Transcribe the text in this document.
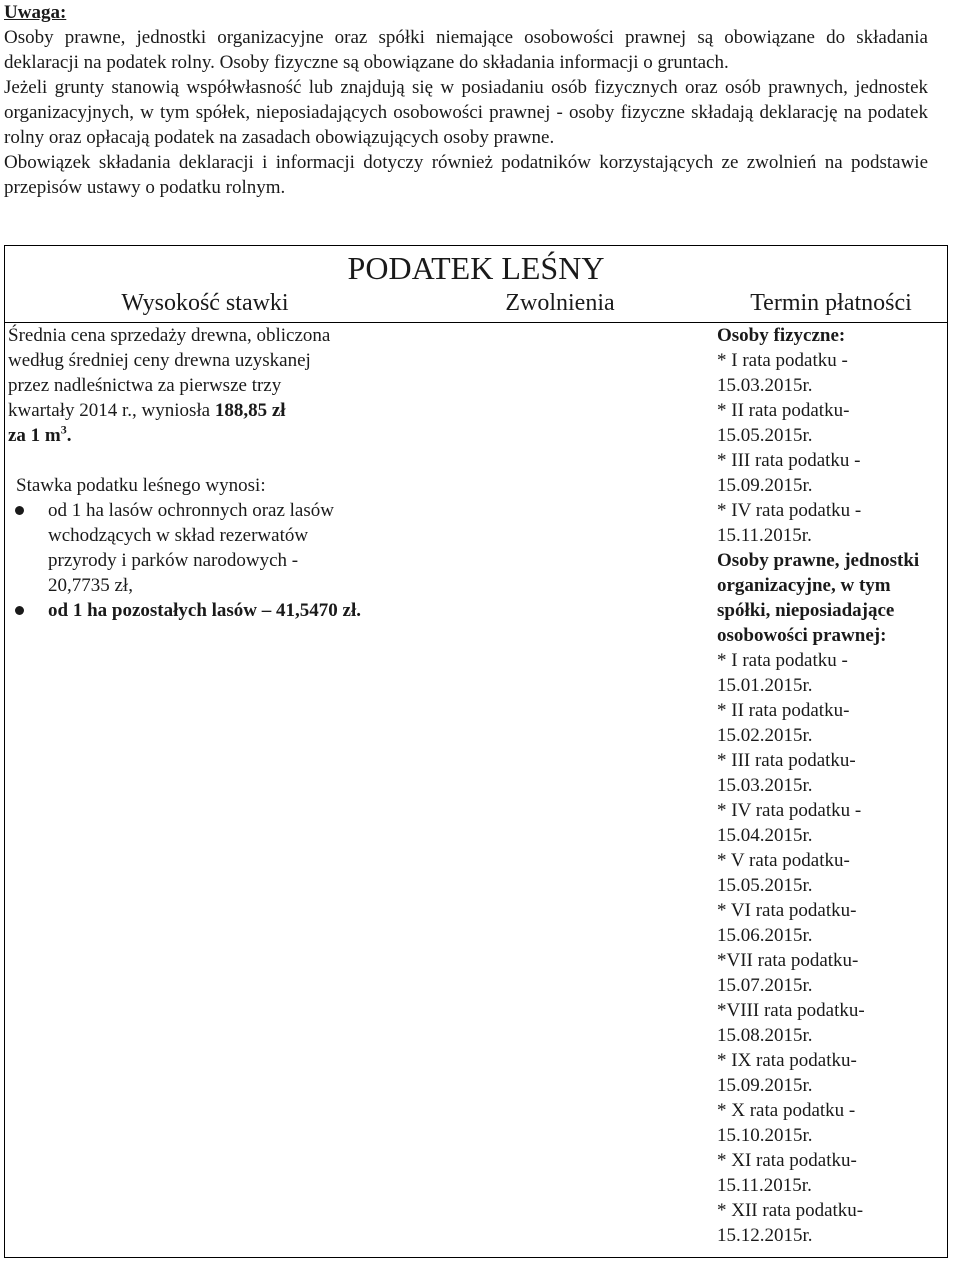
Uwaga:

Osoby prawne, jednostki organizacyjne oraz spółki niemające osobowości prawnej są obowiązane do składania deklaracji na podatek rolny. Osoby fizyczne są obowiązane do składania informacji o gruntach.

Jeżeli grunty stanowią współwłasność lub znajdują się w posiadaniu osób fizycznych oraz osób prawnych, jednostek organizacyjnych, w tym spółek, nieposiadających osobowości prawnej - osoby fizyczne składają deklarację na podatek rolny oraz opłacają podatek na zasadach obowiązujących osoby prawne.

Obowiązek składania deklaracji i informacji dotyczy również podatników korzystających ze zwolnień na podstawie przepisów ustawy o podatku rolnym.

PODATEK LEŚNY
Wysokość stawki	Zwolnienia	Termin płatności

Średnia cena sprzedaży drewna, obliczona

według średniej ceny drewna uzyskanej

przez nadleśnictwa za pierwsze trzy

kwartały 2014 r., wyniosła 188,85 zł

za 1 $m^3$.

Stawka podatku leśnego wynosi:

od 1 ha lasów ochronnych oraz lasów

wchodzących w skład rezerwatów

przyrody i parków narodowych -

20,7735 zł,

od 1 ha pozostałych lasów – 41,5470 zł.

Osoby fizyczne:

* I rata podatku -

15.03.2015r.

* II rata podatku-

15.05.2015r.

* III rata podatku -

15.09.2015r.

* IV rata podatku -

15.11.2015r.

Osoby prawne, jednostki

organizacyjne, w tym

spółki, nieposiadające

osobowości prawnej:

* I rata podatku -

15.01.2015r.

* II rata podatku-

15.02.2015r.

* III rata podatku-

15.03.2015r.

* IV rata podatku -

15.04.2015r.

* V rata podatku-

15.05.2015r.

* VI rata podatku-

15.06.2015r.

*VII rata podatku-

15.07.2015r.

*VIII rata podatku-

15.08.2015r.

* IX rata podatku-

15.09.2015r.

* X rata podatku -

15.10.2015r.

* XI rata podatku-

15.11.2015r.

* XII rata podatku-

15.12.2015r.
